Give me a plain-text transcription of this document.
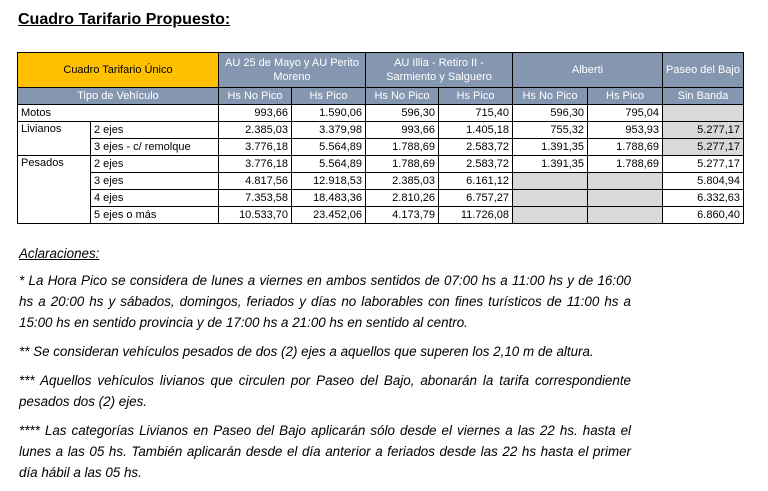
Cuadro Tarifario Propuesto:
Cuadro Tarifario Único		AU 25 de Mayo y AU Perito Moreno		AU Illia - Retiro II - Sarmiento y Salguero		Alberti		Paseo del Bajo
Tipo de Vehículo		Hs No Pico	Hs Pico	Hs No Pico	Hs Pico	Hs No Pico	Hs Pico	Sin Banda
Motos		993,66	1.590,06	596,30	715,40	596,30	795,04	
Livianos	2 ejes	2.385,03	3.379,98	993,66	1.405,18	755,32	953,93	5.277,17
	3 ejes - c/ remolque	3.776,18	5.564,89	1.788,69	2.583,72	1.391,35	1.788,69	5.277,17
Pesados	2 ejes	3.776,18	5.564,89	1.788,69	2.583,72	1.391,35	1.788,69	5.277,17
	3 ejes	4.817,56	12.918,53	2.385,03	6.161,12			5.804,94
	4 ejes	7.353,58	18.483,36	2.810,26	6.757,27			6.332,63
	5 ejes o más	10.533,70	23.452,06	4.173,79	11.726,08			6.860,40

Aclaraciones:

* La Hora Pico se considera de lunes a viernes en ambos sentidos de 07:00 hs a 11:00 hs y de 16:00 hs a 20:00 hs y sábados, domingos, feriados y días no laborables con fines turísticos de 11:00 hs a 15:00 hs en sentido provincia y de 17:00 hs a 21:00 hs en sentido al centro.

** Se consideran vehículos pesados de dos (2) ejes a aquellos que superen los 2,10 m de altura.

*** Aquellos vehículos livianos que circulen por Paseo del Bajo, abonarán la tarifa correspondiente pesados dos (2) ejes.

**** Las categorías Livianos en Paseo del Bajo aplicarán sólo desde el viernes a las 22 hs. hasta el lunes a las 05 hs. También aplicarán desde el día anterior a feriados desde las 22 hs hasta el primer día hábil a las 05 hs.
